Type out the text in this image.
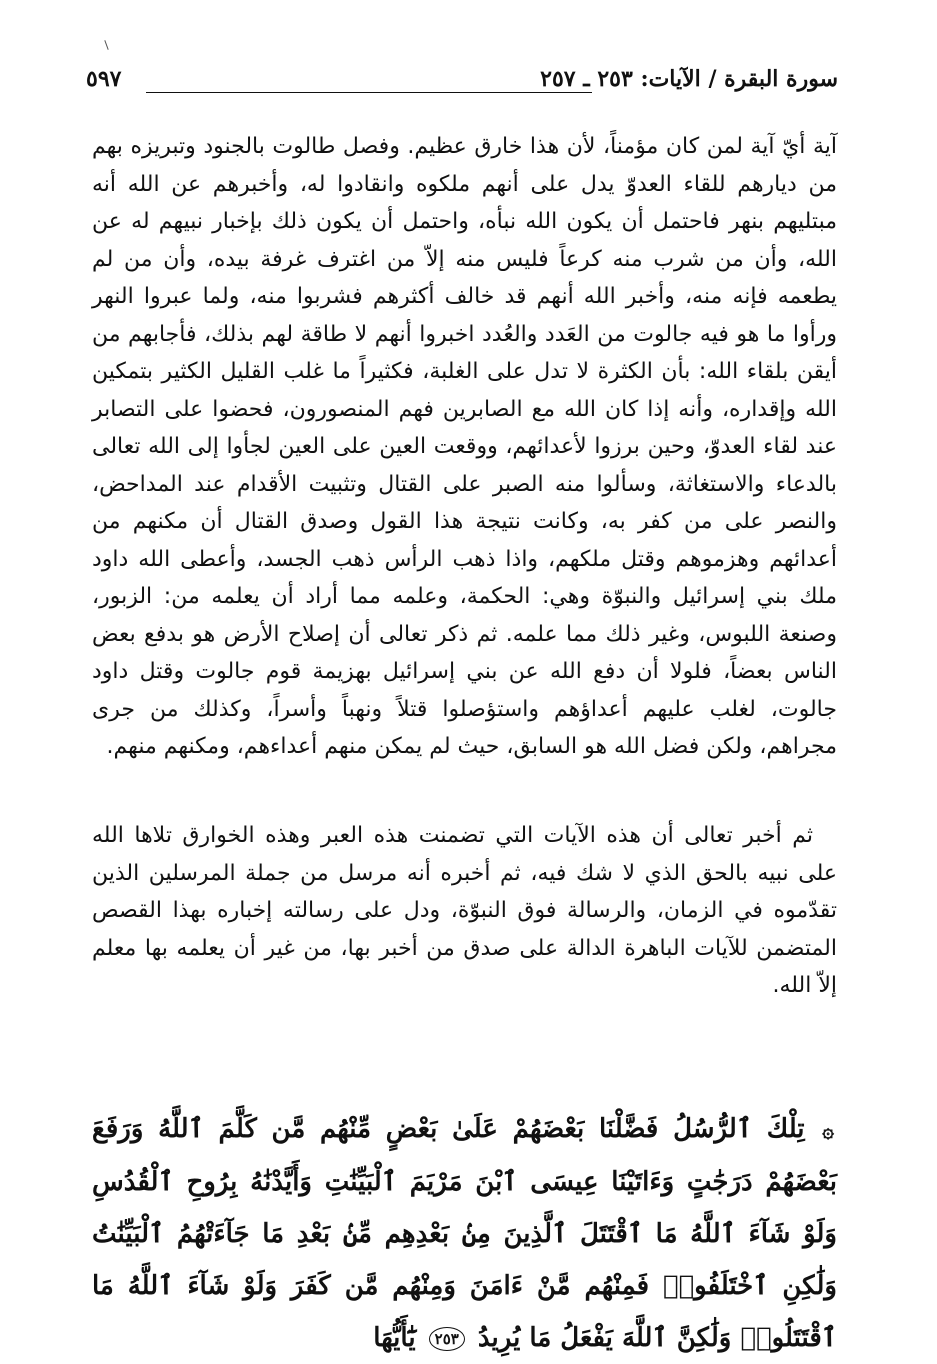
سورة البقرة / الآيات: ٢٥٣ ـ ٢٥٧
٥٩٧

آية أيّ آية لمن كان مؤمناً، لأن هذا خارق عظيم. وفصل طالوت بالجنود وتبريزه بهم من ديارهم للقاء العدوّ يدل على أنهم ملكوه وانقادوا له، وأخبرهم عن الله أنه مبتليهم بنهر فاحتمل أن يكون الله نبأه، واحتمل أن يكون ذلك بإخبار نبيهم له عن الله، وأن من شرب منه كرعاً فليس منه إلاّ من اغترف غرفة بيده، وأن من لم يطعمه فإنه منه، وأخبر الله أنهم قد خالف أكثرهم فشربوا منه، ولما عبروا النهر ورأوا ما هو فيه جالوت من العَدد والعُدد اخبروا أنهم لا طاقة لهم بذلك، فأجابهم من أيقن بلقاء الله: بأن الكثرة لا تدل على الغلبة، فكثيراً ما غلب القليل الكثير بتمكين الله وإقداره، وأنه إذا كان الله مع الصابرين فهم المنصورون، فحضوا على التصابر عند لقاء العدوّ، وحين برزوا لأعدائهم، ووقعت العين على العين لجأوا إلى الله تعالى بالدعاء والاستغاثة، وسألوا منه الصبر على القتال وتثبيت الأقدام عند المداحض، والنصر على من كفر به، وكانت نتيجة هذا القول وصدق القتال أن مكنهم من أعدائهم وهزموهم وقتل ملكهم، واذا ذهب الرأس ذهب الجسد، وأعطى الله داود ملك بني إسرائيل والنبوّة وهي: الحكمة، وعلمه مما أراد أن يعلمه من: الزبور، وصنعة اللبوس، وغير ذلك مما علمه. ثم ذكر تعالى أن إصلاح الأرض هو بدفع بعض الناس بعضاً، فلولا أن دفع الله عن بني إسرائيل بهزيمة قوم جالوت وقتل داود جالوت، لغلب عليهم أعداؤهم واستؤصلوا قتلاً ونهباً وأسراً، وكذلك من جرى مجراهم، ولكن فضل الله هو السابق، حيث لم يمكن منهم أعداءهم، ومكنهم منهم.

ثم أخبر تعالى أن هذه الآيات التي تضمنت هذه العبر وهذه الخوارق تلاها الله على نبيه بالحق الذي لا شك فيه، ثم أخبره أنه مرسل من جملة المرسلين الذين تقدّموه في الزمان، والرسالة فوق النبوّة، ودل على رسالته إخباره بهذا القصص المتضمن للآيات الباهرة الدالة على صدق من أخبر بها، من غير أن يعلمه بها معلم إلاّ الله.

۞ تِلْكَ ٱلرُّسُلُ فَضَّلْنَا بَعْضَهُمْ عَلَىٰ بَعْضٍ مِّنْهُم مَّن كَلَّمَ ٱللَّهُ وَرَفَعَ بَعْضَهُمْ دَرَجَٰتٍ وَءَاتَيْنَا عِيسَى ٱبْنَ مَرْيَمَ ٱلْبَيِّنَٰتِ وَأَيَّدْنَٰهُ بِرُوحِ ٱلْقُدُسِ وَلَوْ شَآءَ ٱللَّهُ مَا ٱقْتَتَلَ ٱلَّذِينَ مِنۢ بَعْدِهِم مِّنۢ بَعْدِ مَا جَآءَتْهُمُ ٱلْبَيِّنَٰتُ وَلَٰكِنِ ٱخْتَلَفُوا۟ فَمِنْهُم مَّنْ ءَامَنَ وَمِنْهُم مَّن كَفَرَ وَلَوْ شَآءَ ٱللَّهُ مَا ٱقْتَتَلُوا۟ وَلَٰكِنَّ ٱللَّهَ يَفْعَلُ مَا يُرِيدُ ٢٥٣ يَٰٓأَيُّهَا
